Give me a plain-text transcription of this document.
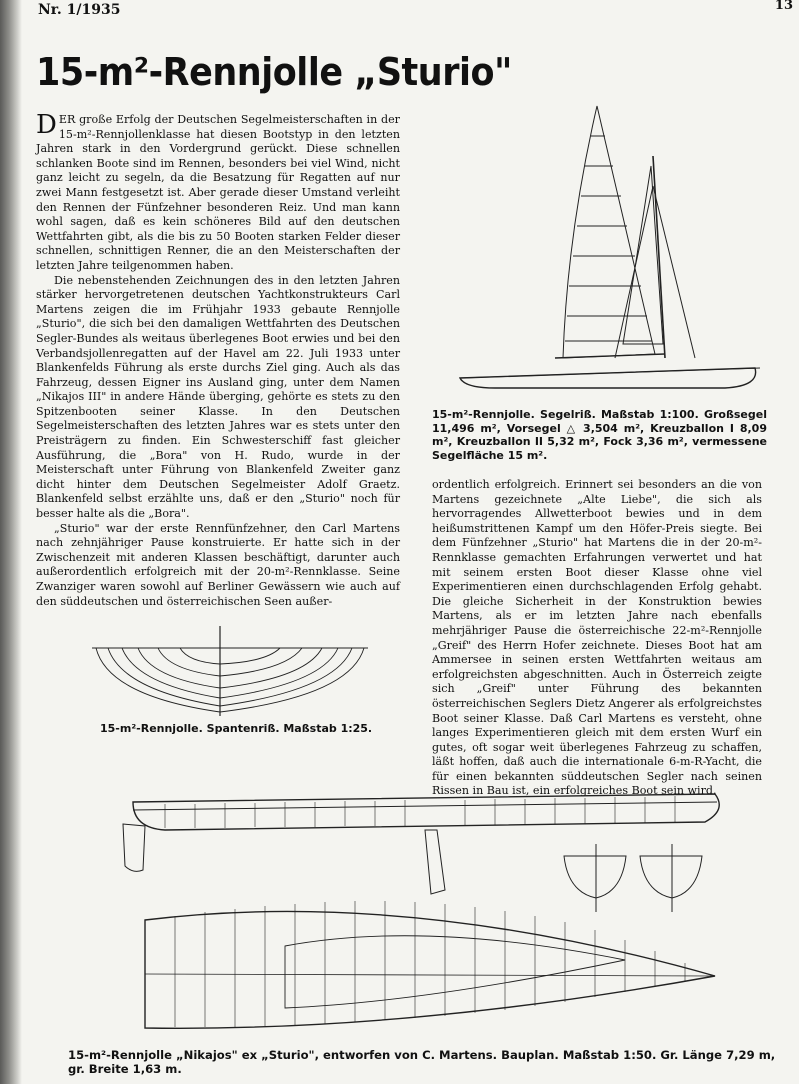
Nr. 1/1935	13
15-m²-Rennjolle „Sturio"

DER große Erfolg der Deutschen Segelmeisterschaften in der 15-m²-Rennjollenklasse hat diesen Bootstyp in den letzten Jahren stark in den Vordergrund gerückt. Diese schnellen schlanken Boote sind im Rennen, besonders bei viel Wind, nicht ganz leicht zu segeln, da die Besatzung für Regatten auf nur zwei Mann festgesetzt ist. Aber gerade dieser Umstand verleiht den Rennen der Fünfzehner besonderen Reiz. Und man kann wohl sagen, daß es kein schöneres Bild auf den deutschen Wettfahrten gibt, als die bis zu 50 Booten starken Felder dieser schnellen, schnittigen Renner, die an den Meisterschaften der letzten Jahre teilgenommen haben.

Die nebenstehenden Zeichnungen des in den letzten Jahren stärker hervorgetretenen deutschen Yachtkonstrukteurs Carl Martens zeigen die im Frühjahr 1933 gebaute Rennjolle „Sturio", die sich bei den damaligen Wettfahrten des Deutschen Segler-Bundes als weitaus überlegenes Boot erwies und bei den Verbandsjollenregatten auf der Havel am 22. Juli 1933 unter Blankenfelds Führung als erste durchs Ziel ging. Auch als das Fahrzeug, dessen Eigner ins Ausland ging, unter dem Namen „Nikajos III" in andere Hände überging, gehörte es stets zu den Spitzenbooten seiner Klasse. In den Deutschen Segelmeisterschaften des letzten Jahres war es stets unter den Preisträgern zu finden. Ein Schwesterschiff fast gleicher Ausführung, die „Bora" von H. Rudo, wurde in der Meisterschaft unter Führung von Blankenfeld Zweiter ganz dicht hinter dem Deutschen Segelmeister Adolf Graetz. Blankenfeld selbst erzählte uns, daß er den „Sturio" noch für besser halte als die „Bora".

„Sturio" war der erste Rennfünfzehner, den Carl Martens nach zehnjähriger Pause konstruierte. Er hatte sich in der Zwischenzeit mit anderen Klassen beschäftigt, darunter auch außerordentlich erfolgreich mit der 20-m²-Rennklasse. Seine Zwanziger waren sowohl auf Berliner Gewässern wie auch auf den süddeutschen und österreichischen Seen außer-

ordentlich erfolgreich. Erinnert sei besonders an die von Martens gezeichnete „Alte Liebe", die sich als hervorragendes Allwetterboot bewies und in dem heißumstrittenen Kampf um den Höfer-Preis siegte. Bei dem Fünfzehner „Sturio" hat Martens die in der 20-m²-Rennklasse gemachten Erfahrungen verwertet und hat mit seinem ersten Boot dieser Klasse ohne viel Experimentieren einen durchschlagenden Erfolg gehabt. Die gleiche Sicherheit in der Konstruktion bewies Martens, als er im letzten Jahre nach ebenfalls mehrjähriger Pause die österreichische 22-m²-Rennjolle „Greif" des Herrn Hofer zeichnete. Dieses Boot hat am Ammersee in seinen ersten Wettfahrten weitaus am erfolgreichsten abgeschnitten. Auch in Österreich zeigte sich „Greif" unter Führung des bekannten österreichischen Seglers Dietz Angerer als erfolgreichstes Boot seiner Klasse. Daß Carl Martens es versteht, ohne langes Experimentieren gleich mit dem ersten Wurf ein gutes, oft sogar weit überlegenes Fahrzeug zu schaffen, läßt hoffen, daß auch die internationale 6-m-R-Yacht, die für einen bekannten süddeutschen Segler nach seinen Rissen in Bau ist, ein erfolgreiches Boot sein wird.

15-m²-Rennjolle. Segelriß. Maßstab 1:100. Großsegel 11,496 m², Vorsegel △ 3,504 m², Kreuzballon I 8,09 m², Kreuzballon II 5,32 m², Fock 3,36 m², vermessene Segelfläche 15 m².
15-m²-Rennjolle. Spantenriß. Maßstab 1:25.
15-m²-Rennjolle „Nikajos" ex „Sturio", entworfen von C. Martens. Bauplan. Maßstab 1:50. Gr. Länge 7,29 m, gr. Breite 1,63 m.
